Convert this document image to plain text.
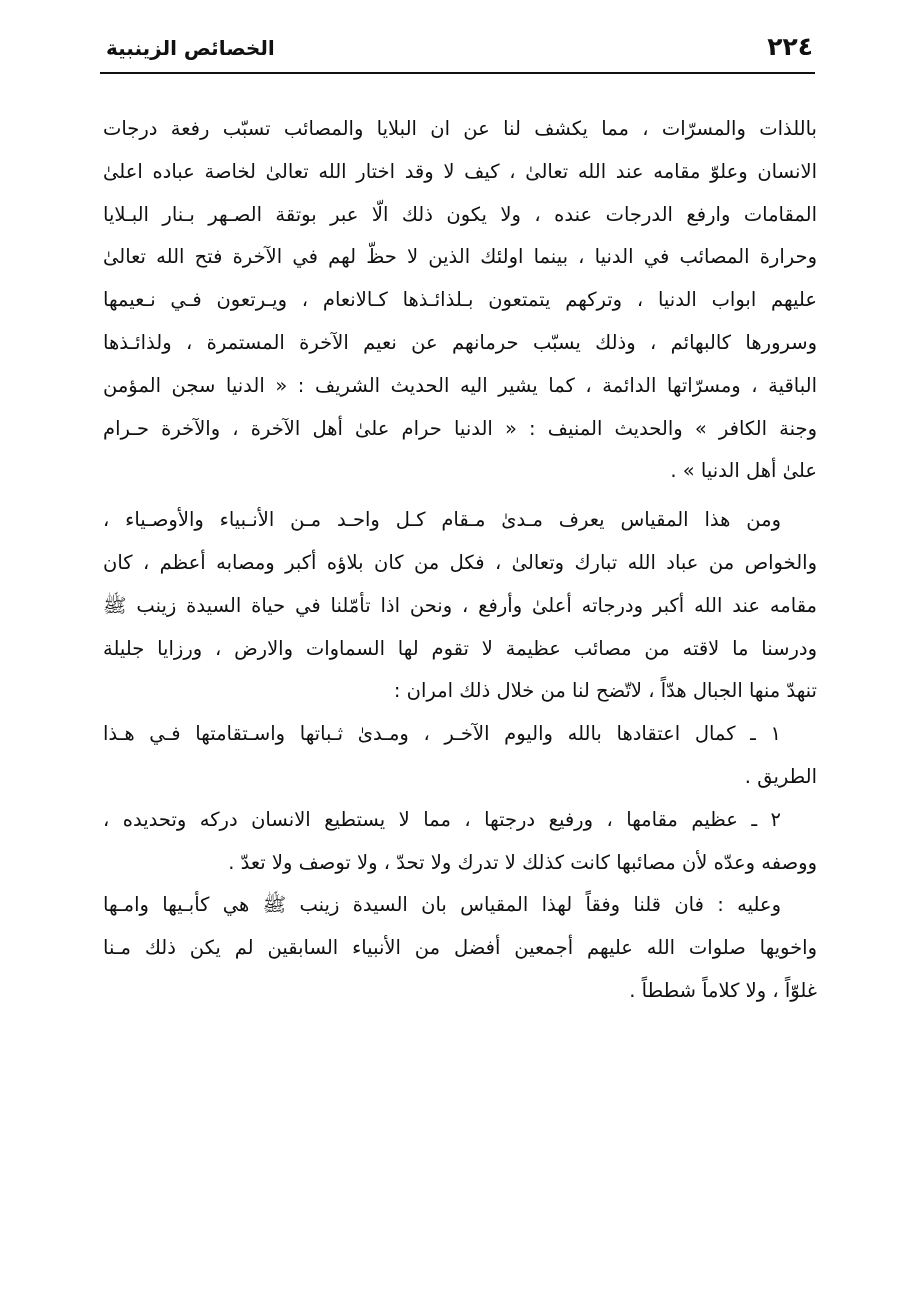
٢٢٤
الخصائص الزينبية
باللذات والمسرّات ، مما يكشف لنا عن ان البلايا والمصائب تسبّب رفعة درجات
الانسان وعلوّ مقامه عند الله تعالىٰ ، كيف لا وقد اختار الله تعالىٰ لخاصة عباده اعلىٰ
المقامات وارفع الدرجات عنده ، ولا يكون ذلك الّا عبر بوتقة الصـهر بـنار البـلايا
وحرارة المصائب في الدنيا ، بينما اولئك الذين لا حظّ لهم في الآخرة فتح الله تعالىٰ
عليهم ابواب الدنيا ، وتركهم يتمتعون بـلذائـذها كـالانعام ، ويـرتعون فـي نـعيمها
وسرورها كالبهائم ، وذلك يسبّب حرمانهم عن نعيم الآخرة المستمرة ، ولذائـذها
الباقية ، ومسرّاتها الدائمة ، كما يشير اليه الحديث الشريف : « الدنيا سجن المؤمن
وجنة الكافر » والحديث المنيف : « الدنيا حرام علىٰ أهل الآخرة ، والآخرة حـرام
علىٰ أهل الدنيا » .
ومن هذا المقياس يعرف مـدىٰ مـقام كـل واحـد مـن الأنـبياء والأوصـياء ،
والخواص من عباد الله تبارك وتعالىٰ ، فكل من كان بلاؤه أكبر ومصابه أعظم ، كان
مقامه عند الله أكبر ودرجاته أعلىٰ وأرفع ، ونحن اذا تأمّلنا في حياة السيدة زينب ﷺ
ودرسنا ما لاقته من مصائب عظيمة لا تقوم لها السماوات والارض ، ورزايا جليلة
تنهدّ منها الجبال هدّاً ، لاتّضح لنا من خلال ذلك امران :
١ ـ كمال اعتقادها بالله واليوم الآخـر ، ومـدىٰ ثـباتها واسـتقامتها فـي هـذا
الطريق .
٢ ـ عظيم مقامها ، ورفيع درجتها ، مما لا يستطيع الانسان دركه وتحديده ،
ووصفه وعدّه لأن مصائبها كانت كذلك لا تدرك ولا تحدّ ، ولا توصف ولا تعدّ .
وعليه : فان قلنا وفقاً لهذا المقياس بان السيدة زينب ﷺ هي كأبـيها وامـها
واخويها صلوات الله عليهم أجمعين أفضل من الأنبياء السابقين لم يكن ذلك مـنا
غلوّاً ، ولا كلاماً شططاً .
